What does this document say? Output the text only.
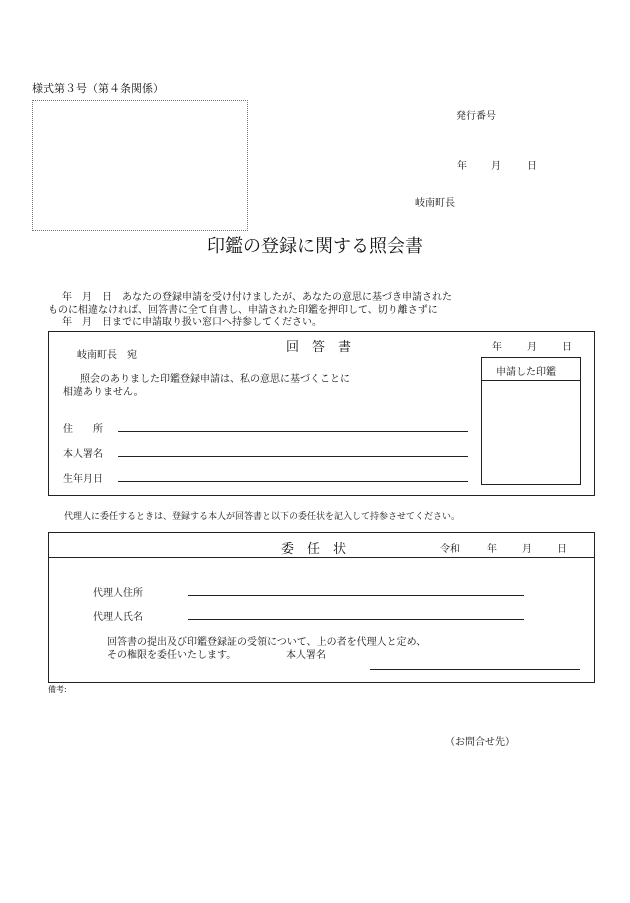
様式第３号（第４条関係）
発行番号
年 月	日
岐南町長
印鑑の登録に関する照会書
年　月　日　あなたの登録申請を受け付けましたが、あなたの意思に基づき申請された
ものに相違なければ、回答書に全て自書し、申請された印鑑を押印して、切り離さずに
年　月　日までに申請取り扱い窓口へ持参してください。
岐南町長　宛
回　答　書	年	月	日
申請した印鑑
照会のありました印鑑登録申請は、私の意思に基づくことに
相違ありません。
住　　所
本人署名
生年月日
代理人に委任するときは、登録する本人が回答書と以下の委任状を記入して持参させてください。
委　任　状	令和	年	月	日
代理人住所
代理人氏名
回答書の提出及び印鑑登録証の受領について、上の者を代理人と定め、
その権限を委任いたします。	本人署名
備考:
（お問合せ先）
